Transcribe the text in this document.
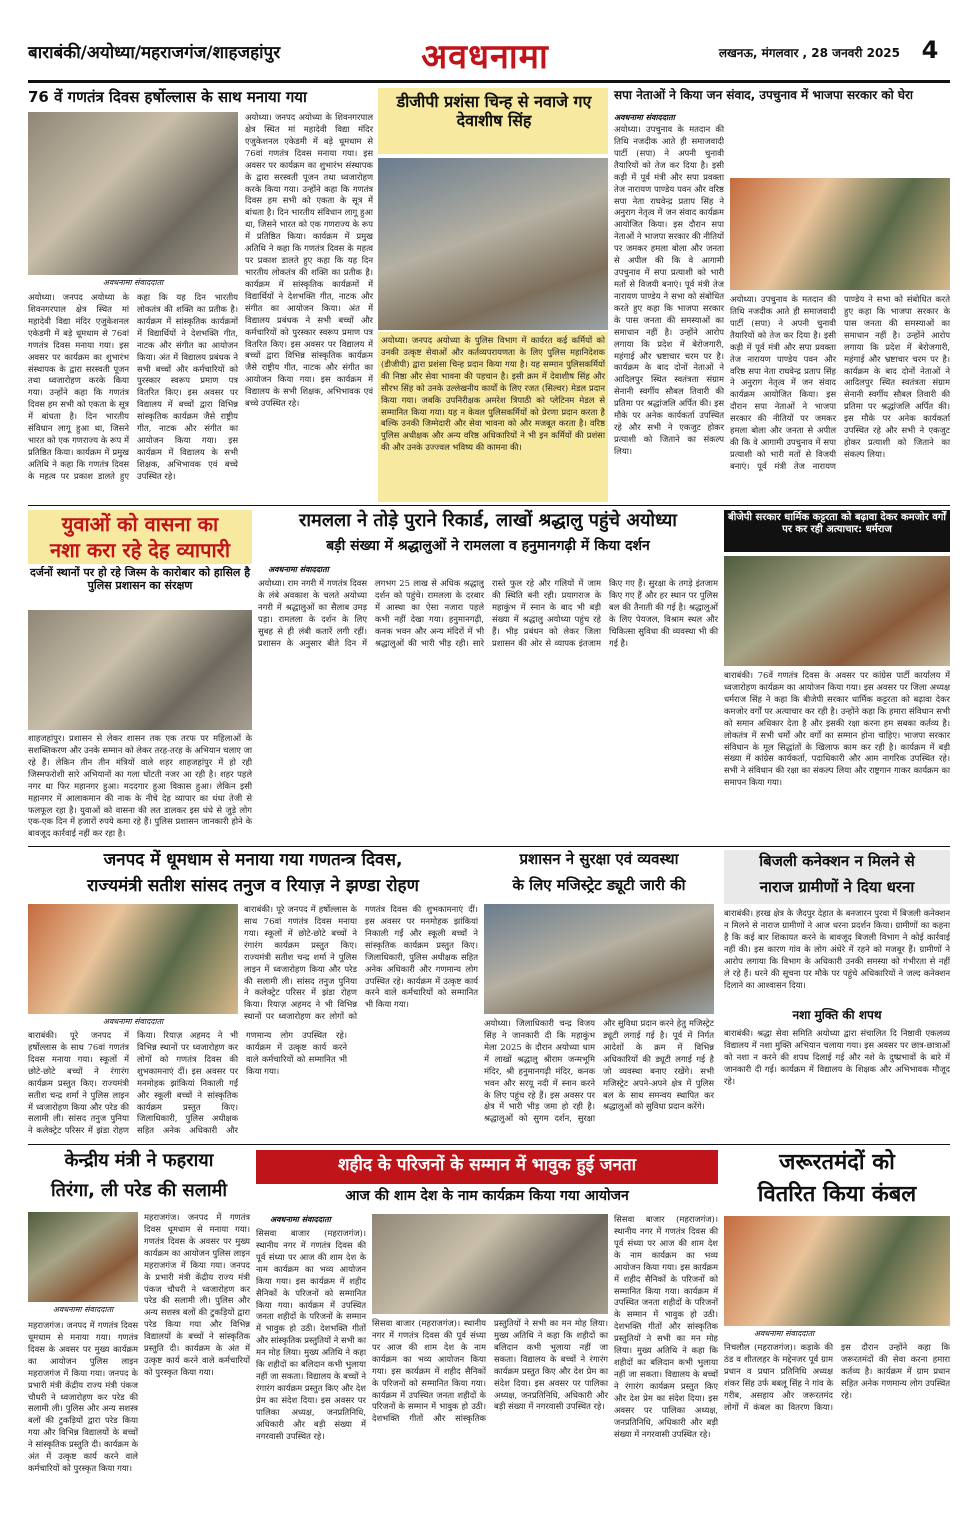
बाराबंकी/अयोध्या/महराजगंज/शाहजहांपुर	अवधनामा	लखनऊ, मंगलवार , 28 जनवरी 2025 4
76 वें गणतंत्र दिवस हर्षोल्लास के साथ मनाया गया
अवधनामा संवाददाता
अयोध्या। जनपद अयोध्या के शिवनगरपाल क्षेत्र स्थित मां महादेवी विद्या मंदिर एजुकेशनल एकेडमी में बड़े धूमधाम से 76वां गणतंत्र दिवस मनाया गया। इस अवसर पर कार्यक्रम का शुभारंभ संस्थापक के द्वारा सरस्वती पूजन तथा ध्वजारोहण करके किया गया। उन्होंने कहा कि गणतंत्र दिवस हम सभी को एकता के सूत्र में बांधता है। दिन भारतीय संविधान लागू हुआ था, जिसने भारत को एक गणराज्य के रूप में प्रतिष्ठित किया। कार्यक्रम में प्रमुख अतिथि ने कहा कि गणतंत्र दिवस के महत्व पर प्रकाश डालते हुए कहा कि यह दिन भारतीय लोकतंत्र की शक्ति का प्रतीक है। कार्यक्रम में सांस्कृतिक कार्यक्रमों में विद्यार्थियों ने देशभक्ति गीत, नाटक और संगीत का आयोजन किया। अंत में विद्यालय प्रबंधक ने सभी बच्चों और कर्मचारियों को पुरस्कार स्वरूप प्रमाण पत्र वितरित किए। इस अवसर पर विद्यालय में बच्चों द्वारा विभिन्न सांस्कृतिक कार्यक्रम जैसे राष्ट्रीय गीत, नाटक और संगीत का आयोजन किया गया। इस कार्यक्रम में विद्यालय के सभी शिक्षक, अभिभावक एवं बच्चे उपस्थित रहे।
अयोध्या। जनपद अयोध्या के शिवनगरपाल क्षेत्र स्थित मां महादेवी विद्या मंदिर एजुकेशनल एकेडमी में बड़े धूमधाम से 76वां गणतंत्र दिवस मनाया गया। इस अवसर पर कार्यक्रम का शुभारंभ संस्थापक के द्वारा सरस्वती पूजन तथा ध्वजारोहण करके किया गया। उन्होंने कहा कि गणतंत्र दिवस हम सभी को एकता के सूत्र में बांधता है। दिन भारतीय संविधान लागू हुआ था, जिसने भारत को एक गणराज्य के रूप में प्रतिष्ठित किया। कार्यक्रम में प्रमुख अतिथि ने कहा कि गणतंत्र दिवस के महत्व पर प्रकाश डालते हुए कहा कि यह दिन भारतीय लोकतंत्र की शक्ति का प्रतीक है। कार्यक्रम में सांस्कृतिक कार्यक्रमों में विद्यार्थियों ने देशभक्ति गीत, नाटक और संगीत का आयोजन किया। अंत में विद्यालय प्रबंधक ने सभी बच्चों और कर्मचारियों को पुरस्कार स्वरूप प्रमाण पत्र वितरित किए। इस अवसर पर विद्यालय में बच्चों द्वारा विभिन्न सांस्कृतिक कार्यक्रम जैसे राष्ट्रीय गीत, नाटक और संगीत का आयोजन किया गया। इस कार्यक्रम में विद्यालय के सभी शिक्षक, अभिभावक एवं बच्चे उपस्थित रहे।
डीजीपी प्रशंसा चिन्ह से नवाजे गए देवाशीष सिंह
अयोध्या। जनपद अयोध्या के पुलिस विभाग में कार्यरत कई कर्मियों को उनकी उत्कृष्ट सेवाओं और कर्तव्यपरायणता के लिए पुलिस महानिदेशक (डीजीपी) द्वारा प्रशंसा चिन्ह प्रदान किया गया है। यह सम्मान पुलिसकर्मियों की निष्ठा और सेवा भावना की पहचान है। इसी क्रम में देवाशीष सिंह और सौरभ सिंह को उनके उल्लेखनीय कार्यों के लिए रजत (सिल्वर) मेडल प्रदान किया गया। जबकि उपनिरीक्षक अमरेश त्रिपाठी को प्लेटिनम मेडल से सम्मानित किया गया। यह न केवल पुलिसकर्मियों को प्रेरणा प्रदान करता है बल्कि उनकी जिम्मेदारी और सेवा भावना को और मजबूत करता है। वरिष्ठ पुलिस अधीक्षक और अन्य वरिष्ठ अधिकारियों ने भी इन कर्मियों की प्रशंसा की और उनके उज्ज्वल भविष्य की कामना की।
सपा नेताओं ने किया जन संवाद, उपचुनाव में भाजपा सरकार को घेरा
अवधनामा संवाददाता
अयोध्या। उपचुनाव के मतदान की तिथि नजदीक आते ही समाजवादी पार्टी (सपा) ने अपनी चुनावी तैयारियों को तेज कर दिया है। इसी कड़ी में पूर्व मंत्री और सपा प्रवक्ता तेज नारायण पाण्डेय पवन और वरिष्ठ सपा नेता राघवेन्द्र प्रताप सिंह ने अनुराग नेतृत्व में जन संवाद कार्यक्रम आयोजित किया। इस दौरान सपा नेताओं ने भाजपा सरकार की नीतियों पर जमकर हमला बोला और जनता से अपील की कि वे आगामी उपचुनाव में सपा प्रत्याशी को भारी मतों से विजयी बनाएं। पूर्व मंत्री तेज नारायण पाण्डेय ने सभा को संबोधित करते हुए कहा कि भाजपा सरकार के पास जनता की समस्याओं का समाधान नहीं है। उन्होंने आरोप लगाया कि प्रदेश में बेरोजगारी, महंगाई और भ्रष्टाचार चरम पर है। कार्यक्रम के बाद दोनों नेताओं ने आदिलपुर स्थित स्वतंत्रता संग्राम सेनानी स्वर्गीय सौबल तिवारी की प्रतिमा पर श्रद्धांजलि अर्पित की। इस मौके पर अनेक कार्यकर्ता उपस्थित रहे और सभी ने एकजुट होकर प्रत्याशी को जिताने का संकल्प लिया।
अयोध्या। उपचुनाव के मतदान की तिथि नजदीक आते ही समाजवादी पार्टी (सपा) ने अपनी चुनावी तैयारियों को तेज कर दिया है। इसी कड़ी में पूर्व मंत्री और सपा प्रवक्ता तेज नारायण पाण्डेय पवन और वरिष्ठ सपा नेता राघवेन्द्र प्रताप सिंह ने अनुराग नेतृत्व में जन संवाद कार्यक्रम आयोजित किया। इस दौरान सपा नेताओं ने भाजपा सरकार की नीतियों पर जमकर हमला बोला और जनता से अपील की कि वे आगामी उपचुनाव में सपा प्रत्याशी को भारी मतों से विजयी बनाएं। पूर्व मंत्री तेज नारायण पाण्डेय ने सभा को संबोधित करते हुए कहा कि भाजपा सरकार के पास जनता की समस्याओं का समाधान नहीं है। उन्होंने आरोप लगाया कि प्रदेश में बेरोजगारी, महंगाई और भ्रष्टाचार चरम पर है। कार्यक्रम के बाद दोनों नेताओं ने आदिलपुर स्थित स्वतंत्रता संग्राम सेनानी स्वर्गीय सौबल तिवारी की प्रतिमा पर श्रद्धांजलि अर्पित की। इस मौके पर अनेक कार्यकर्ता उपस्थित रहे और सभी ने एकजुट होकर प्रत्याशी को जिताने का संकल्प लिया।
युवाओं को वासना का
नशा करा रहे देह व्यापारी
दर्जनों स्थानों पर हो रहे जिस्म के कारोबार को हासिल है पुलिस प्रशासन का संरक्षण
शाहजहांपुर। प्रशासन से लेकर शासन तक एक तरफ पर महिलाओं के सशक्तिकरण और उनके सम्मान को लेकर तरह-तरह के अभियान चलाए जा रहे हैं। लेकिन तीन तीन मंत्रियों वाले शहर शाहजहांपुर में हो रही जिस्मफरोशी सारे अभियानों का गला घोंटती नजर आ रही है। शहर पहले नगर था फिर महानगर हुआ। मददगार हुआ विकास हुआ। लेकिन इसी महानगर में आलाकमान की नाक के नीचे देह व्यापार का धंधा तेजी से फलफूल रहा है। युवाओं को वासना की लत डालकर इस धंधे से जुड़े लोग एक-एक दिन में हजारों रुपये कमा रहे हैं। पुलिस प्रशासन जानकारी होने के बावजूद कार्रवाई नहीं कर रहा है।
रामलला ने तोड़े पुराने रिकार्ड, लाखों श्रद्धालु पहुंचे अयोध्या
बड़ी संख्या में श्रद्धालुओं ने रामलला व हनुमानगढ़ी में किया दर्शन
अवधनामा संवाददाता
अयोध्या। राम नगरी में गणतंत्र दिवस के लंबे अवकाश के चलते अयोध्या नगरी में श्रद्धालुओं का सैलाब उमड़ पड़ा। रामलला के दर्शन के लिए सुबह से ही लंबी कतारें लगी रहीं। प्रशासन के अनुसार बीते दिन में लगभग 25 लाख से अधिक श्रद्धालु दर्शन को पहुंचे। रामलला के दरबार में आस्था का ऐसा नजारा पहले कभी नहीं देखा गया। हनुमानगढ़ी, कनक भवन और अन्य मंदिरों में भी श्रद्धालुओं की भारी भीड़ रही। सारे रास्ते फुल रहे और गलियों में जाम की स्थिति बनी रही। प्रयागराज के महाकुंभ में स्नान के बाद भी बड़ी संख्या में श्रद्धालु अयोध्या पहुंच रहे हैं। भीड़ प्रबंधन को लेकर जिला प्रशासन की ओर से व्यापक इंतजाम किए गए हैं। सुरक्षा के तगड़े इंतजाम किए गए हैं और हर स्थान पर पुलिस बल की तैनाती की गई है। श्रद्धालुओं के लिए पेयजल, विश्राम स्थल और चिकित्सा सुविधा की व्यवस्था भी की गई है।
बीजेपी सरकार धार्मिक कट्टरता को बढ़ावा देकर कमजोर वर्गों पर कर रही अत्याचार: धर्मराज
बाराबंकी। 76वें गणतंत्र दिवस के अवसर पर कांग्रेस पार्टी कार्यालय में ध्वजारोहण कार्यक्रम का आयोजन किया गया। इस अवसर पर जिला अध्यक्ष धर्मराज सिंह ने कहा कि बीजेपी सरकार धार्मिक कट्टरता को बढ़ावा देकर कमजोर वर्गों पर अत्याचार कर रही है। उन्होंने कहा कि हमारा संविधान सभी को समान अधिकार देता है और इसकी रक्षा करना हम सबका कर्तव्य है। लोकतंत्र में सभी धर्मों और वर्गों का सम्मान होना चाहिए। भाजपा सरकार संविधान के मूल सिद्धांतों के खिलाफ काम कर रही है। कार्यक्रम में बड़ी संख्या में कांग्रेस कार्यकर्ता, पदाधिकारी और आम नागरिक उपस्थित रहे। सभी ने संविधान की रक्षा का संकल्प लिया और राष्ट्रगान गाकर कार्यक्रम का समापन किया गया।
जनपद में धूमधाम से मनाया गया गणतन्त्र दिवस,
राज्यमंत्री सतीश सांसद तनुज व रियाज़ ने झण्डा रोहण
अवधनामा संवाददाता
बाराबंकी। पूरे जनपद में हर्षोल्लास के साथ 76वां गणतंत्र दिवस मनाया गया। स्कूलों में छोटे-छोटे बच्चों ने रंगारंग कार्यक्रम प्रस्तुत किए। राज्यमंत्री सतीश चन्द्र शर्मा ने पुलिस लाइन में ध्वजारोहण किया और परेड की सलामी ली। सांसद तनुज पुनिया ने कलेक्ट्रेट परिसर में झंडा रोहण किया। रियाज़ अहमद ने भी विभिन्न स्थानों पर ध्वजारोहण कर लोगों को गणतंत्र दिवस की शुभकामनाएं दीं। इस अवसर पर मनमोहक झांकियां निकाली गईं और स्कूली बच्चों ने सांस्कृतिक कार्यक्रम प्रस्तुत किए। जिलाधिकारी, पुलिस अधीक्षक सहित अनेक अधिकारी और गणमान्य लोग उपस्थित रहे। कार्यक्रम में उत्कृष्ट कार्य करने वाले कर्मचारियों को सम्मानित भी किया गया।
बाराबंकी। पूरे जनपद में हर्षोल्लास के साथ 76वां गणतंत्र दिवस मनाया गया। स्कूलों में छोटे-छोटे बच्चों ने रंगारंग कार्यक्रम प्रस्तुत किए। राज्यमंत्री सतीश चन्द्र शर्मा ने पुलिस लाइन में ध्वजारोहण किया और परेड की सलामी ली। सांसद तनुज पुनिया ने कलेक्ट्रेट परिसर में झंडा रोहण किया। रियाज़ अहमद ने भी विभिन्न स्थानों पर ध्वजारोहण कर लोगों को गणतंत्र दिवस की शुभकामनाएं दीं। इस अवसर पर मनमोहक झांकियां निकाली गईं और स्कूली बच्चों ने सांस्कृतिक कार्यक्रम प्रस्तुत किए। जिलाधिकारी, पुलिस अधीक्षक सहित अनेक अधिकारी और गणमान्य लोग उपस्थित रहे। कार्यक्रम में उत्कृष्ट कार्य करने वाले कर्मचारियों को सम्मानित भी किया गया।
प्रशासन ने सुरक्षा एवं व्यवस्था
के लिए मजिस्ट्रेट ड्यूटी जारी की
अयोध्या। जिलाधिकारी चन्द्र विजय सिंह ने जानकारी दी कि महाकुंभ मेला 2025 के दौरान अयोध्या धाम में लाखों श्रद्धालु श्रीराम जन्मभूमि मंदिर, श्री हनुमानगढ़ी मंदिर, कनक भवन और सरयू नदी में स्नान करने के लिए पहुंच रहे हैं। इस अवसर पर क्षेत्र में भारी भीड़ जमा हो रही है। श्रद्धालुओं को सुगम दर्शन, सुरक्षा और सुविधा प्रदान करने हेतु मजिस्ट्रेट ड्यूटी लगाई गई है। पूर्व में निर्गत आदेशों के क्रम में विभिन्न अधिकारियों की ड्यूटी लगाई गई है जो व्यवस्था बनाए रखेंगे। सभी मजिस्ट्रेट अपने-अपने क्षेत्र में पुलिस बल के साथ समन्वय स्थापित कर श्रद्धालुओं को सुविधा प्रदान करेंगे।
बिजली कनेक्शन न मिलने से
नाराज ग्रामीणों ने दिया धरना
बाराबंकी। हरख क्षेत्र के जैदपुर देहात के बनजारन पुरवा में बिजली कनेक्शन न मिलने से नाराज ग्रामीणों ने आज धरना प्रदर्शन किया। ग्रामीणों का कहना है कि कई बार शिकायत करने के बावजूद बिजली विभाग ने कोई कार्रवाई नहीं की। इस कारण गांव के लोग अंधेरे में रहने को मजबूर हैं। ग्रामीणों ने आरोप लगाया कि विभाग के अधिकारी उनकी समस्या को गंभीरता से नहीं ले रहे हैं। धरने की सूचना पर मौके पर पहुंचे अधिकारियों ने जल्द कनेक्शन दिलाने का आश्वासन दिया।
नशा मुक्ति की शपथ
बाराबंकी। श्रद्धा सेवा समिति अयोध्या द्वारा संचालित दि निष्ठावी एकलव्य विद्यालय में नशा मुक्ति अभियान चलाया गया। इस अवसर पर छात्र-छात्राओं को नशा न करने की शपथ दिलाई गई और नशे के दुष्प्रभावों के बारे में जानकारी दी गई। कार्यक्रम में विद्यालय के शिक्षक और अभिभावक मौजूद रहे।
केन्द्रीय मंत्री ने फहराया
तिरंगा, ली परेड की सलामी
अवधनामा संवाददाता
महराजगंज। जनपद में गणतंत्र दिवस धूमधाम से मनाया गया। गणतंत्र दिवस के अवसर पर मुख्य कार्यक्रम का आयोजन पुलिस लाइन महराजगंज में किया गया। जनपद के प्रभारी मंत्री केंद्रीय राज्य मंत्री पंकज चौधरी ने ध्वजारोहण कर परेड की सलामी ली। पुलिस और अन्य सशस्त्र बलों की टुकड़ियों द्वारा परेड किया गया और विभिन्न विद्यालयों के बच्चों ने सांस्कृतिक प्रस्तुति दी। कार्यक्रम के अंत में उत्कृष्ट कार्य करने वाले कर्मचारियों को पुरस्कृत किया गया।
महराजगंज। जनपद में गणतंत्र दिवस धूमधाम से मनाया गया। गणतंत्र दिवस के अवसर पर मुख्य कार्यक्रम का आयोजन पुलिस लाइन महराजगंज में किया गया। जनपद के प्रभारी मंत्री केंद्रीय राज्य मंत्री पंकज चौधरी ने ध्वजारोहण कर परेड की सलामी ली। पुलिस और अन्य सशस्त्र बलों की टुकड़ियों द्वारा परेड किया गया और विभिन्न विद्यालयों के बच्चों ने सांस्कृतिक प्रस्तुति दी। कार्यक्रम के अंत में उत्कृष्ट कार्य करने वाले कर्मचारियों को पुरस्कृत किया गया।
शहीद के परिजनों के सम्मान में भावुक हुई जनता
आज की शाम देश के नाम कार्यक्रम किया गया आयोजन
अवधनामा संवाददाता
सिसवा बाजार (महराजगंज)। स्थानीय नगर में गणतंत्र दिवस की पूर्व संध्या पर आज की शाम देश के नाम कार्यक्रम का भव्य आयोजन किया गया। इस कार्यक्रम में शहीद सैनिकों के परिजनों को सम्मानित किया गया। कार्यक्रम में उपस्थित जनता शहीदों के परिजनों के सम्मान में भावुक हो उठी। देशभक्ति गीतों और सांस्कृतिक प्रस्तुतियों ने सभी का मन मोह लिया। मुख्य अतिथि ने कहा कि शहीदों का बलिदान कभी भुलाया नहीं जा सकता। विद्यालय के बच्चों ने रंगारंग कार्यक्रम प्रस्तुत किए और देश प्रेम का संदेश दिया। इस अवसर पर पालिका अध्यक्ष, जनप्रतिनिधि, अधिकारी और बड़ी संख्या में नगरवासी उपस्थित रहे।
सिसवा बाजार (महराजगंज)। स्थानीय नगर में गणतंत्र दिवस की पूर्व संध्या पर आज की शाम देश के नाम कार्यक्रम का भव्य आयोजन किया गया। इस कार्यक्रम में शहीद सैनिकों के परिजनों को सम्मानित किया गया। कार्यक्रम में उपस्थित जनता शहीदों के परिजनों के सम्मान में भावुक हो उठी। देशभक्ति गीतों और सांस्कृतिक प्रस्तुतियों ने सभी का मन मोह लिया। मुख्य अतिथि ने कहा कि शहीदों का बलिदान कभी भुलाया नहीं जा सकता। विद्यालय के बच्चों ने रंगारंग कार्यक्रम प्रस्तुत किए और देश प्रेम का संदेश दिया। इस अवसर पर पालिका अध्यक्ष, जनप्रतिनिधि, अधिकारी और बड़ी संख्या में नगरवासी उपस्थित रहे।
सिसवा बाजार (महराजगंज)। स्थानीय नगर में गणतंत्र दिवस की पूर्व संध्या पर आज की शाम देश के नाम कार्यक्रम का भव्य आयोजन किया गया। इस कार्यक्रम में शहीद सैनिकों के परिजनों को सम्मानित किया गया। कार्यक्रम में उपस्थित जनता शहीदों के परिजनों के सम्मान में भावुक हो उठी। देशभक्ति गीतों और सांस्कृतिक प्रस्तुतियों ने सभी का मन मोह लिया। मुख्य अतिथि ने कहा कि शहीदों का बलिदान कभी भुलाया नहीं जा सकता। विद्यालय के बच्चों ने रंगारंग कार्यक्रम प्रस्तुत किए और देश प्रेम का संदेश दिया। इस अवसर पर पालिका अध्यक्ष, जनप्रतिनिधि, अधिकारी और बड़ी संख्या में नगरवासी उपस्थित रहे।
जरूरतमंदों को
वितरित किया कंबल
अवधनामा संवाददाता
निचलौल (महराजगंज)। कड़ाके की ठंड व शीतलहर के मद्देनजर पूर्व ग्राम प्रधान व प्रधान प्रतिनिधि अध्यक्ष शंकर सिंह उर्फ बबलू सिंह ने गांव के गरीब, असहाय और जरूरतमंद लोगों में कंबल का वितरण किया। इस दौरान उन्होंने कहा कि जरूरतमंदों की सेवा करना हमारा कर्तव्य है। कार्यक्रम में ग्राम प्रधान सहित अनेक गणमान्य लोग उपस्थित रहे।
